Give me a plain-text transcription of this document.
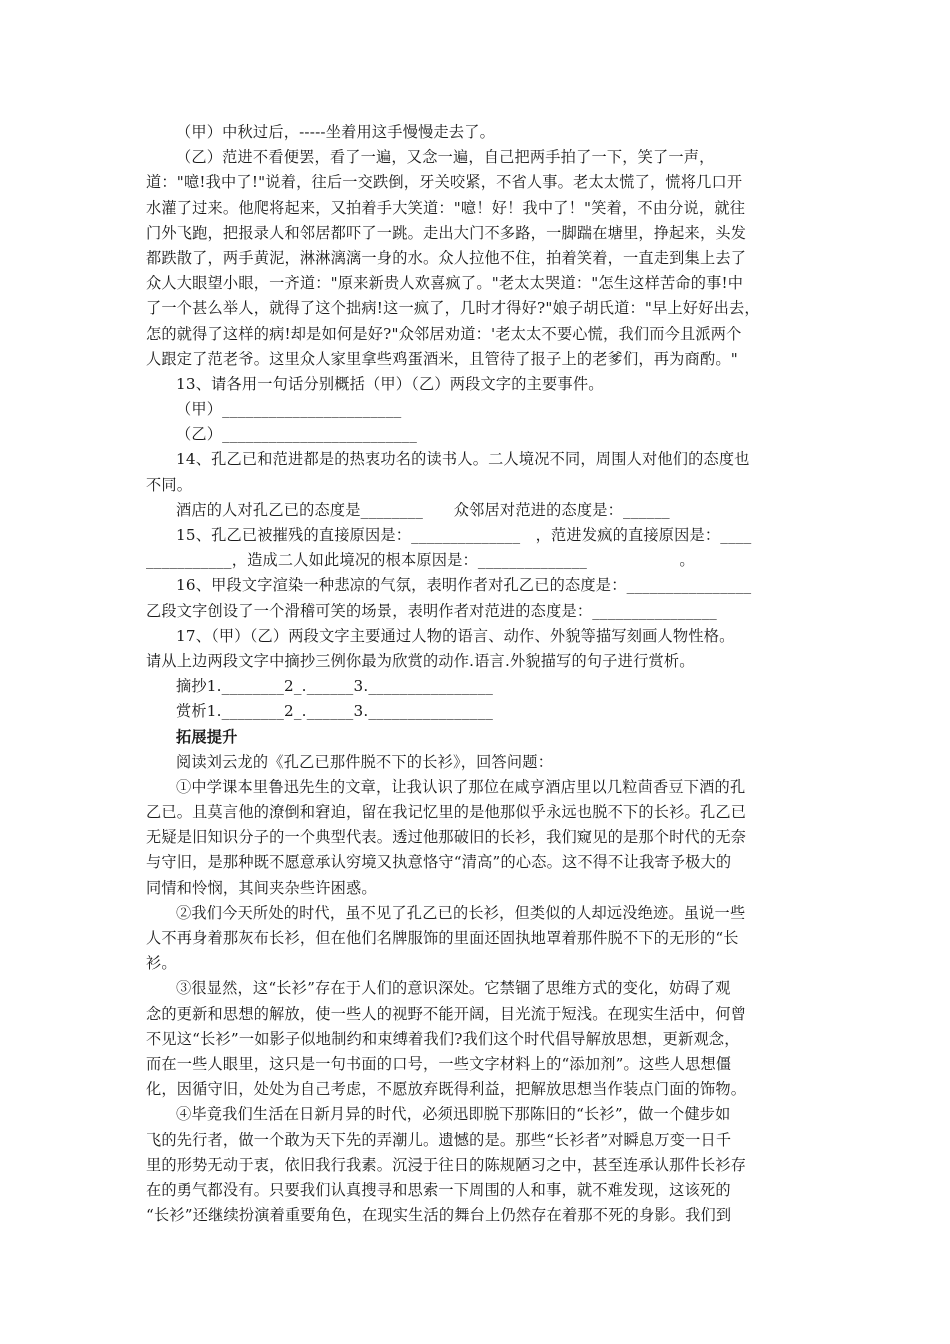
（甲）中秋过后，-----坐着用这手慢慢走去了。
（乙）范进不看便罢，看了一遍，又念一遍，自己把两手拍了一下，笑了一声，
道："噫!我中了!"说着，往后一交跌倒，牙关咬紧，不省人事。老太太慌了，慌将几口开
水灌了过来。他爬将起来，又拍着手大笑道："噫！好！我中了！"笑着，不由分说，就往
门外飞跑，把报录人和邻居都吓了一跳。走出大门不多路，一脚踹在塘里，挣起来，头发
都跌散了，两手黄泥，淋淋漓漓一身的水。众人拉他不住，拍着笑着，一直走到集上去了
众人大眼望小眼，一齐道："原来新贵人欢喜疯了。"老太太哭道："怎生这样苦命的事!中
了一个甚么举人，就得了这个拙病!这一疯了，几时才得好?"娘子胡氏道："早上好好出去，
怎的就得了这样的病!却是如何是好?"众邻居劝道：'老太太不要心慌，我们而今且派两个
人跟定了范老爷。这里众人家里拿些鸡蛋酒米，且管待了报子上的老爹们，再为商酌。"
13、请各用一句话分别概括（甲）（乙）两段文字的主要事件。
（甲）_______________________
（乙）_________________________
14、孔乙已和范进都是的热衷功名的读书人。二人境况不同，周围人对他们的态度也
不同。
酒店的人对孔乙已的态度是________　　众邻居对范进的态度是：______
15、孔乙已被摧残的直接原因是：______________　，范进发疯的直接原因是：____
___________，造成二人如此境况的根本原因是：______________　　　　　　。
16、甲段文字渲染一种悲凉的气氛，表明作者对孔乙已的态度是：________________
乙段文字创设了一个滑稽可笑的场景，表明作者对范进的态度是：________________
17、（甲）（乙）两段文字主要通过人物的语言、动作、外貌等描写刻画人物性格。
请从上边两段文字中摘抄三例你最为欣赏的动作.语言.外貌描写的句子进行赏析。
摘抄1.________2_.______3.________________
赏析1.________2_.______3.________________
拓展提升
阅读刘云龙的《孔乙已那件脱不下的长衫》，回答问题：
①中学课本里鲁迅先生的文章，让我认识了那位在咸亨酒店里以几粒茴香豆下酒的孔
乙已。且莫言他的潦倒和窘迫，留在我记忆里的是他那似乎永远也脱不下的长衫。孔乙已
无疑是旧知识分子的一个典型代表。透过他那破旧的长衫，我们窥见的是那个时代的无奈
与守旧，是那种既不愿意承认穷境又执意恪守“清高”的心态。这不得不让我寄予极大的
同情和怜悯，其间夹杂些许困惑。
②我们今天所处的时代，虽不见了孔乙已的长衫，但类似的人却远没绝迹。虽说一些
人不再身着那灰布长衫，但在他们名牌服饰的里面还固执地罩着那件脱不下的无形的“长
衫。
③很显然，这“长衫”存在于人们的意识深处。它禁锢了思维方式的变化，妨碍了观
念的更新和思想的解放，使一些人的视野不能开阔，目光流于短浅。在现实生活中，何曾
不见这“长衫”一如影子似地制约和束缚着我们?我们这个时代倡导解放思想，更新观念，
而在一些人眼里，这只是一句书面的口号，一些文字材料上的“添加剂”。这些人思想僵
化，因循守旧，处处为自己考虑，不愿放弃既得利益，把解放思想当作装点门面的饰物。
④毕竟我们生活在日新月异的时代，必须迅即脱下那陈旧的“长衫”，做一个健步如
飞的先行者，做一个敢为天下先的弄潮儿。遗憾的是。那些“长衫者”对瞬息万变一日千
里的形势无动于衷，依旧我行我素。沉浸于往日的陈规陋习之中，甚至连承认那件长衫存
在的勇气都没有。只要我们认真搜寻和思索一下周围的人和事，就不难发现，这该死的
“长衫”还继续扮演着重要角色，在现实生活的舞台上仍然存在着那不死的身影。我们到
